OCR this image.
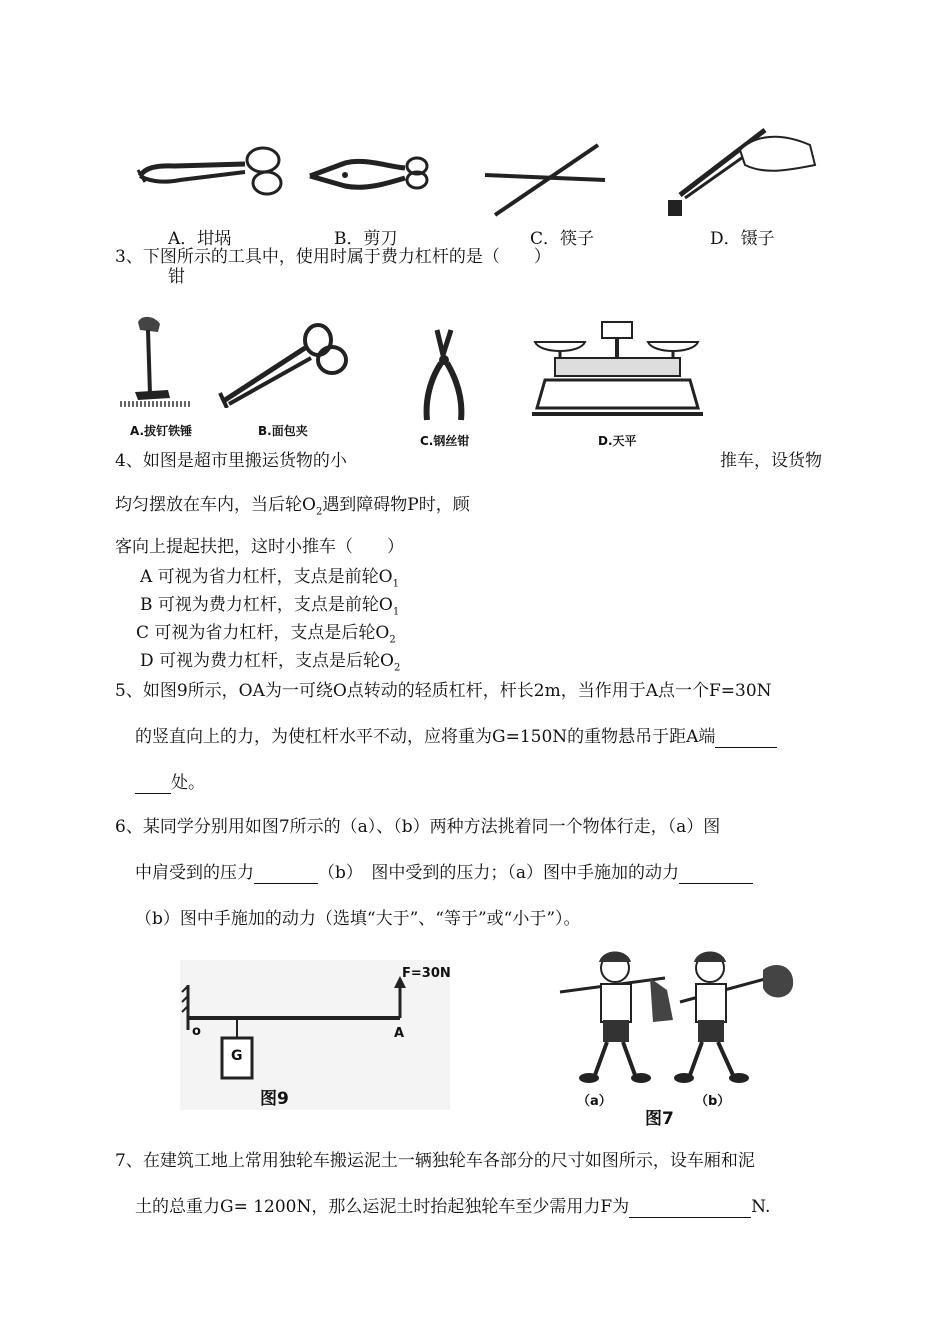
A．坩埚	B．剪刀	C．筷子	D．镊子
3、下图所示的工具中，使用时属于费力杠杆的是（　　）
钳
A.拔钉铁锤	B.面包夹
C.钢丝钳	D.天平
4、如图是超市里搬运货物的小	推车，设货物
均匀摆放在车内，当后轮$O_2$遇到障碍物P时，顾
客向上提起扶把，这时小推车（　　）
A 可视为省力杠杆，支点是前轮$O_1$
B 可视为费力杠杆，支点是前轮$O_1$
C 可视为省力杠杆，支点是后轮$O_2$
D 可视为费力杠杆，支点是后轮$O_2$
5、如图9所示，OA为一可绕O点转动的轻质杠杆，杆长2m，当作用于A点一个F=30N
的竖直向上的力，为使杠杆水平不动，应将重为G=150N的重物悬吊于距A端
处。
6、某同学分别用如图7所示的（a）、（b）两种方法挑着同一个物体行走，（a）图
中肩受到的压力	（b）　图中受到的压力；（a）图中手施加的动力
（b）图中手施加的动力（选填“大于”、“等于”或“小于”）。
F=30N
o	A
G
图9	（a）	（b）
图7
7、在建筑工地上常用独轮车搬运泥土一辆独轮车各部分的尺寸如图所示，设车厢和泥
土的总重力G= 1200N，那么运泥土时抬起独轮车至少需用力F为	N.
